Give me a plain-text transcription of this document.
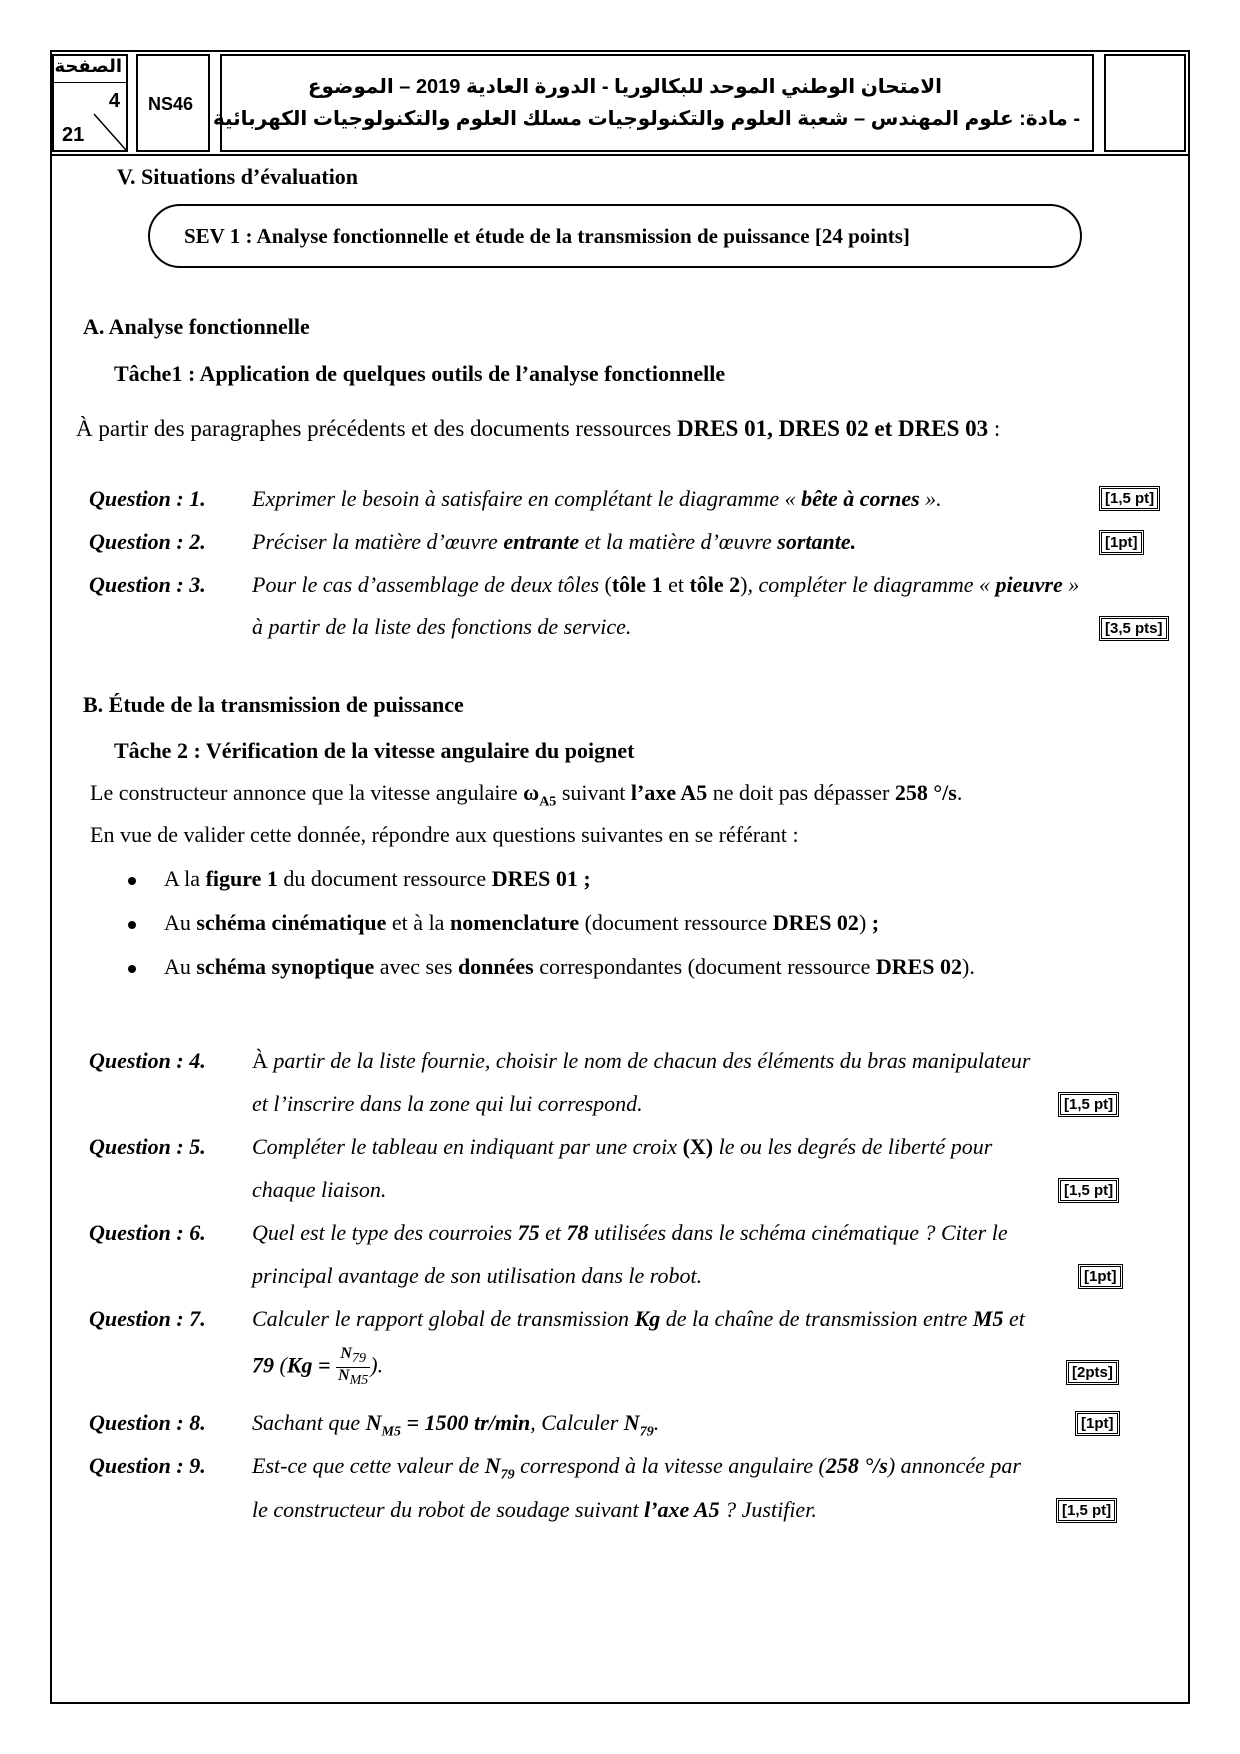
الصفحة
4
21
NS46
الامتحان الوطني الموحد للبكالوريا - الدورة العادية 2019 – الموضوع
- مادة: علوم المهندس – شعبة العلوم والتكنولوجيات مسلك العلوم والتكنولوجيات الكهربائية
V. Situations d’évaluation
SEV 1 : Analyse fonctionnelle et étude de la transmission de puissance [24 points]
A. Analyse fonctionnelle
Tâche1 : Application de quelques outils de l’analyse fonctionnelle
À partir des paragraphes précédents et des documents ressources DRES 01, DRES 02 et DRES 03 :
Question : 1. Exprimer le besoin à satisfaire en complétant le diagramme « bête à cornes ».	[1,5 pt]
Question : 2. Préciser la matière d’œuvre entrante et la matière d’œuvre sortante.	[1pt]
Question : 3. Pour le cas d’assemblage de deux tôles (tôle 1 et tôle 2), compléter le diagramme « pieuvre »
à partir de la liste des fonctions de service.	[3,5 pts]
B. Étude de la transmission de puissance
Tâche 2 : Vérification de la vitesse angulaire du poignet
Le constructeur annonce que la vitesse angulaire $\omega_{A5}$ suivant l’axe A5 ne doit pas dépasser 258 °/s.
En vue de valider cette donnée, répondre aux questions suivantes en se référant :
A la figure 1 du document ressource DRES 01 ;
Au schéma cinématique et à la nomenclature (document ressource DRES 02) ;
Au schéma synoptique avec ses données correspondantes (document ressource DRES 02).
Question : 4. À partir de la liste fournie, choisir le nom de chacun des éléments du bras manipulateur
et l’inscrire dans la zone qui lui correspond.	[1,5 pt]
Question : 5. Compléter le tableau en indiquant par une croix (X) le ou les degrés de liberté pour
chaque liaison.	[1,5 pt]
Question : 6. Quel est le type des courroies 75 et 78 utilisées dans le schéma cinématique ? Citer le
principal avantage de son utilisation dans le robot.	[1pt]
Question : 7. Calculer le rapport global de transmission Kg de la chaîne de transmission entre M5 et
79 ($Kg = \frac{N_{79}}{N_{M5}}$ ).	[2pts]
Question : 8. Sachant que $N_{M5} = 1500$ tr/min, Calculer $N_{79}$.	[1pt]
Question : 9. Est-ce que cette valeur de $N_{79}$ correspond à la vitesse angulaire (258 °/s) annoncée par
le constructeur du robot de soudage suivant l’axe A5 ? Justifier.	[1,5 pt]
